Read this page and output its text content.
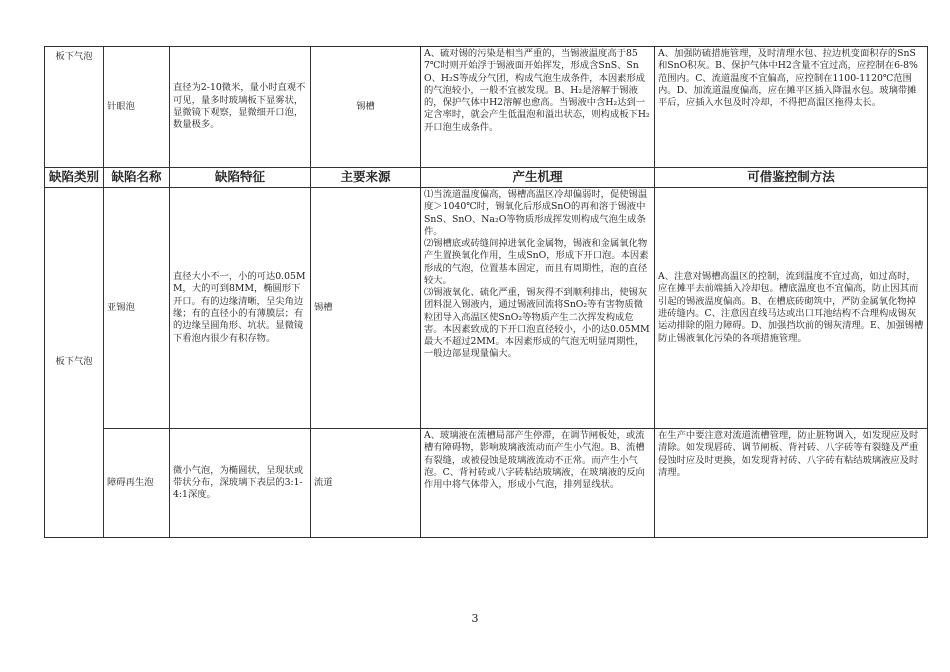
板下气泡	针眼泡	直径为2-10微米，量小时直观不可见，量多时玻璃板下显雾状，显微镜下观察，显微细开口泡，数量极多。	锡槽	A、硫对锡的污染是相当严重的，当锡液温度高于857℃时则开始浮于锡液面开始挥发，形成含SnS、SnO、H₂S等成分气团，构成气泡生成条件，本因素形成的气泡较小，一般不宜被发现。B、H₂是溶解于锡液的，保护气体中H2溶解也愈高。当锡液中含H₂达到一定含率时，就会产生低温泡和溢出状态，则构成板下H₂开口泡生成条件。	A、加强防硫措施管理，及时清理水包、拉边机变面积存的SnS和SnO积灰。B、保护气体中H2含量不宜过高，应控制在6-8%范围内。C、流道温度不宜偏高，应控制在1100-1120℃范围内。D、加流道温度偏高，应在摊平区插入降温水包。玻璃带摊平后，应插入水包及时冷却，不得把高温区拖得太长。
缺陷类别	缺陷名称	缺陷特征	主要来源	产生机理	可借鉴控制方法
板下气泡	亚锡泡	直径大小不一，小的可达0.05MM，大的可到8MM，椭圆形下开口。有的边缘清晰，呈尖角边缘；有的直径小的有薄膜层；有的边缘呈圆角形、坑状。显微镜下看泡内很少有积存物。	锡槽	⑴当流道温度偏高，锡槽高温区冷却偏弱时，促使锡温度＞1040℃时，锡氧化后形成SnO的再和溶于锡液中SnS、SnO、Na₂O等物质形成挥发则构成气泡生成条件。

⑵锡槽底或砖缝间掉进氧化金属物，锡液和金属氧化物产生置换氧化作用，生成SnO，形成下开口泡。本因素形成的气泡，位置基本固定，而且有周期性，泡的直径较大。

⑶锡液氧化、硫化严重，锡灰得不到顺利排出，使锡灰团料混入锡液内，通过锡液回流将SnO₂等有害物质微粒团导入高温区使SnO₂等物质产生二次挥发构成危害。本因素致成的下开口泡直径较小，小的达0.05MM最大不超过2MM。本因素形成的气泡无明显周期性，一般边部显现量偏大。	A、注意对锡槽高温区的控制，流到温度不宜过高，如过高时，应在摊平去前端插入冷却包。槽底温度也不宜偏高，防止因其而引起的锡液温度偏高。B、在槽底砖砌筑中，严防金属氧化物掉进砖缝内。C、注意因直线马达或出口耳池结构不合理构成锡灰运动排除的阻力障碍。D、加强挡坎前的锡灰清理。E、加强锡槽防止锡液氧化污染的各项措施管理。
	障碍再生泡	微小气泡，为椭圆状，呈现状或带状分布，深玻璃下表层的3:1-4:1深度。	流道	A、玻璃液在流槽局部产生停滞，在调节闸板处，或流槽有障碍物，影响玻璃液流动而产生小气泡。B、流槽有裂缝，或被侵蚀是玻璃液流动不正常。而产生小气泡。C、背衬砖或八字砖粘结玻璃液，在玻璃液的反向作用中将气体带入，形成小气泡，排列显线状。	在生产中要注意对流道流槽管理，防止脏物调入，如发现应及时清除。如发现唇砖、调节闸板、背衬砖、八字砖等有裂缝及严重侵蚀时应及时更换，如发现背衬砖、八字砖有粘结玻璃液应及时清理。
3
